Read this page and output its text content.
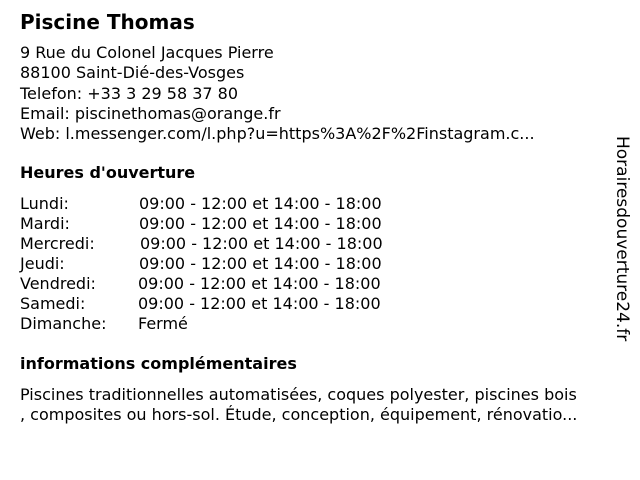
Piscine Thomas
9 Rue du Colonel Jacques Pierre
88100 Saint-Dié-des-Vosges
Telefon: +33 3 29 58 37 80
Email: piscinethomas@orange.fr
Web: l.messenger.com/l.php?u=https%3A%2F%2Finstagram.c...
Heures d'ouverture
Lundi:	09:00 - 12:00 et 14:00 - 18:00
Mardi:	09:00 - 12:00 et 14:00 - 18:00
Mercredi:	09:00 - 12:00 et 14:00 - 18:00
Jeudi:	09:00 - 12:00 et 14:00 - 18:00
Vendredi:	09:00 - 12:00 et 14:00 - 18:00
Samedi:	09:00 - 12:00 et 14:00 - 18:00
Dimanche: Fermé
informations complémentaires
Piscines traditionnelles automatisées, coques polyester, piscines bois
, composites ou hors-sol. Étude, conception, équipement, rénovatio...
Horairesdouverture24.fr
